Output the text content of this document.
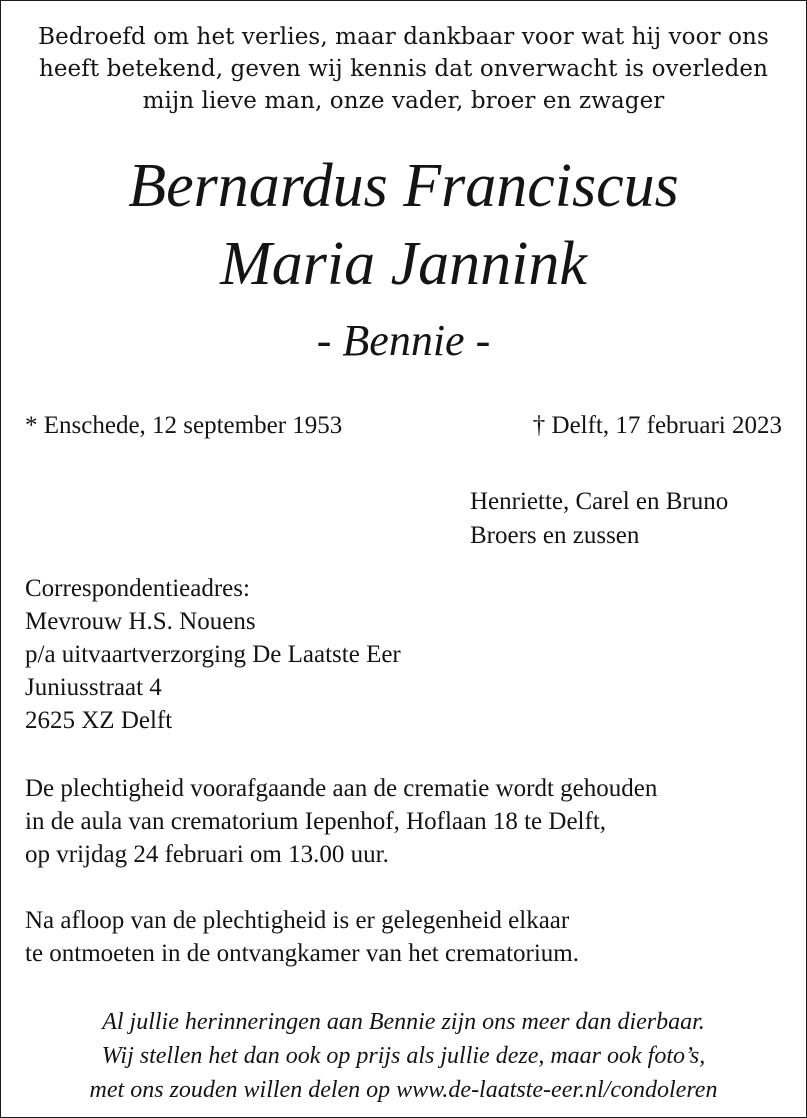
Bedroefd om het verlies, maar dankbaar voor wat hij voor ons
heeft betekend, geven wij kennis dat onverwacht is overleden
mijn lieve man, onze vader, broer en zwager
Bernardus Franciscus
Maria Jannink
- Bennie -
* Enschede, 12 september 1953	† Delft, 17 februari 2023
Henriette, Carel en Bruno
Broers en zussen
Correspondentieadres:
Mevrouw H.S. Nouens
p/a uitvaartverzorging De Laatste Eer
Juniusstraat 4
2625 XZ Delft
De plechtigheid voorafgaande aan de crematie wordt gehouden
in de aula van crematorium Iepenhof, Hoflaan 18 te Delft,
op vrijdag 24 februari om 13.00 uur.
Na afloop van de plechtigheid is er gelegenheid elkaar
te ontmoeten in de ontvangkamer van het crematorium.
Al jullie herinneringen aan Bennie zijn ons meer dan dierbaar.
Wij stellen het dan ook op prijs als jullie deze, maar ook foto’s,
met ons zouden willen delen op www.de-laatste-eer.nl/condoleren
